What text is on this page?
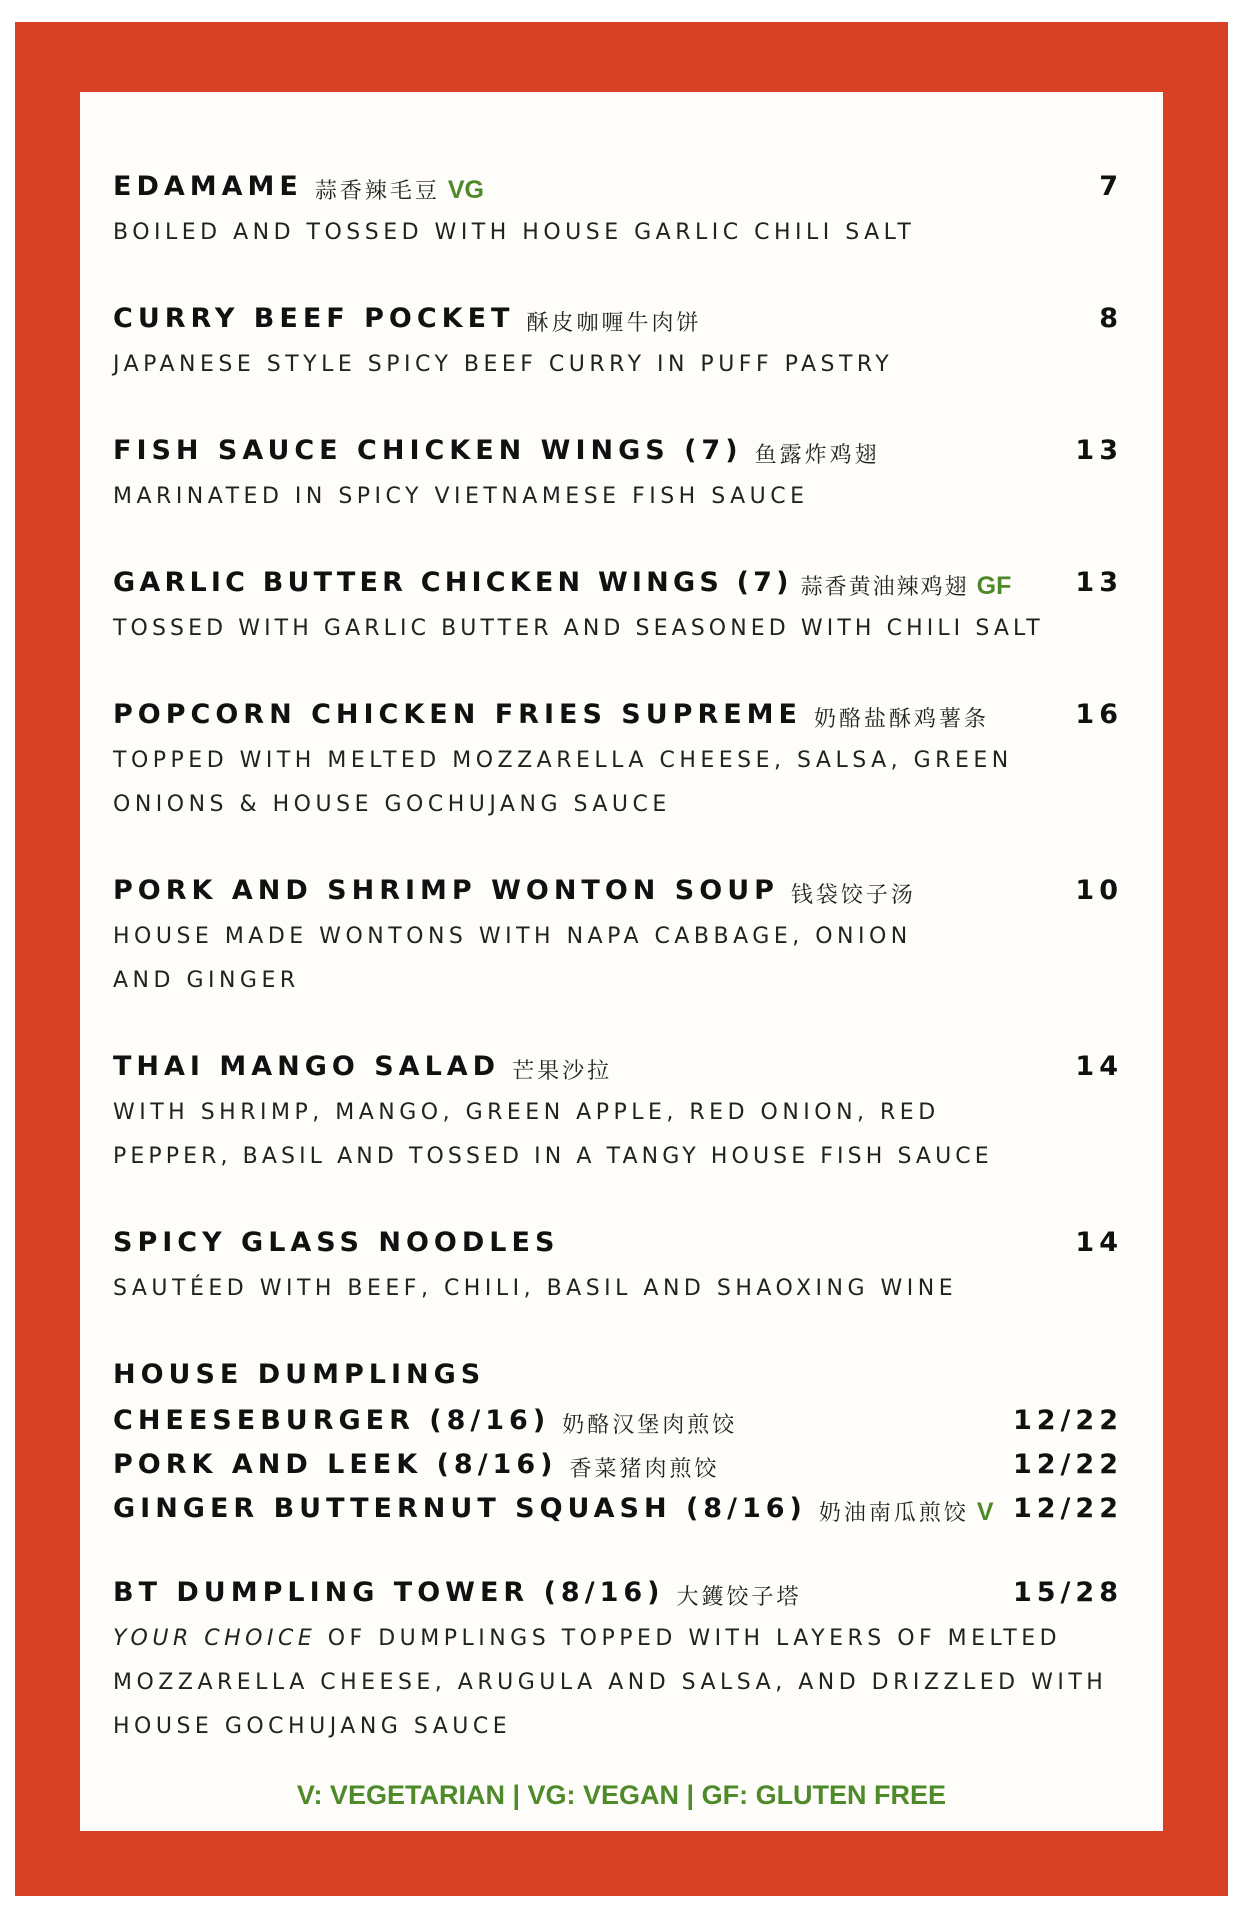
EDAMAME 蒜香辣毛豆 VG	7
BOILED AND TOSSED WITH HOUSE GARLIC CHILI SALT
CURRY BEEF POCKET 酥皮咖喱牛肉饼	8
JAPANESE STYLE SPICY BEEF CURRY IN PUFF PASTRY
FISH SAUCE CHICKEN WINGS (7) 鱼露炸鸡翅	13
MARINATED IN SPICY VIETNAMESE FISH SAUCE
GARLIC BUTTER CHICKEN WINGS (7) 蒜香黄油辣鸡翅 GF 13
TOSSED WITH GARLIC BUTTER AND SEASONED WITH CHILI SALT
POPCORN CHICKEN FRIES SUPREME 奶酪盐酥鸡薯条	16
TOPPED WITH MELTED MOZZARELLA CHEESE, SALSA, GREEN
ONIONS & HOUSE GOCHUJANG SAUCE
PORK AND SHRIMP WONTON SOUP 钱袋饺子汤	10
HOUSE MADE WONTONS WITH NAPA CABBAGE, ONION
AND GINGER
THAI MANGO SALAD 芒果沙拉	14
WITH SHRIMP, MANGO, GREEN APPLE, RED ONION, RED
PEPPER, BASIL AND TOSSED IN A TANGY HOUSE FISH SAUCE
SPICY GLASS NOODLES	14
SAUTÉED WITH BEEF, CHILI, BASIL AND SHAOXING WINE
HOUSE DUMPLINGS
CHEESEBURGER (8/16) 奶酪汉堡肉煎饺	12/22
PORK AND LEEK (8/16) 香菜猪肉煎饺	12/22
GINGER BUTTERNUT SQUASH (8/16) 奶油南瓜煎饺 V 12/22
BT DUMPLING TOWER (8/16) 大鑊饺子塔	15/28
YOUR CHOICE OF DUMPLINGS TOPPED WITH LAYERS OF MELTED
MOZZARELLA CHEESE, ARUGULA AND SALSA, AND DRIZZLED WITH
HOUSE GOCHUJANG SAUCE
V: VEGETARIAN | VG: VEGAN | GF: GLUTEN FREE
